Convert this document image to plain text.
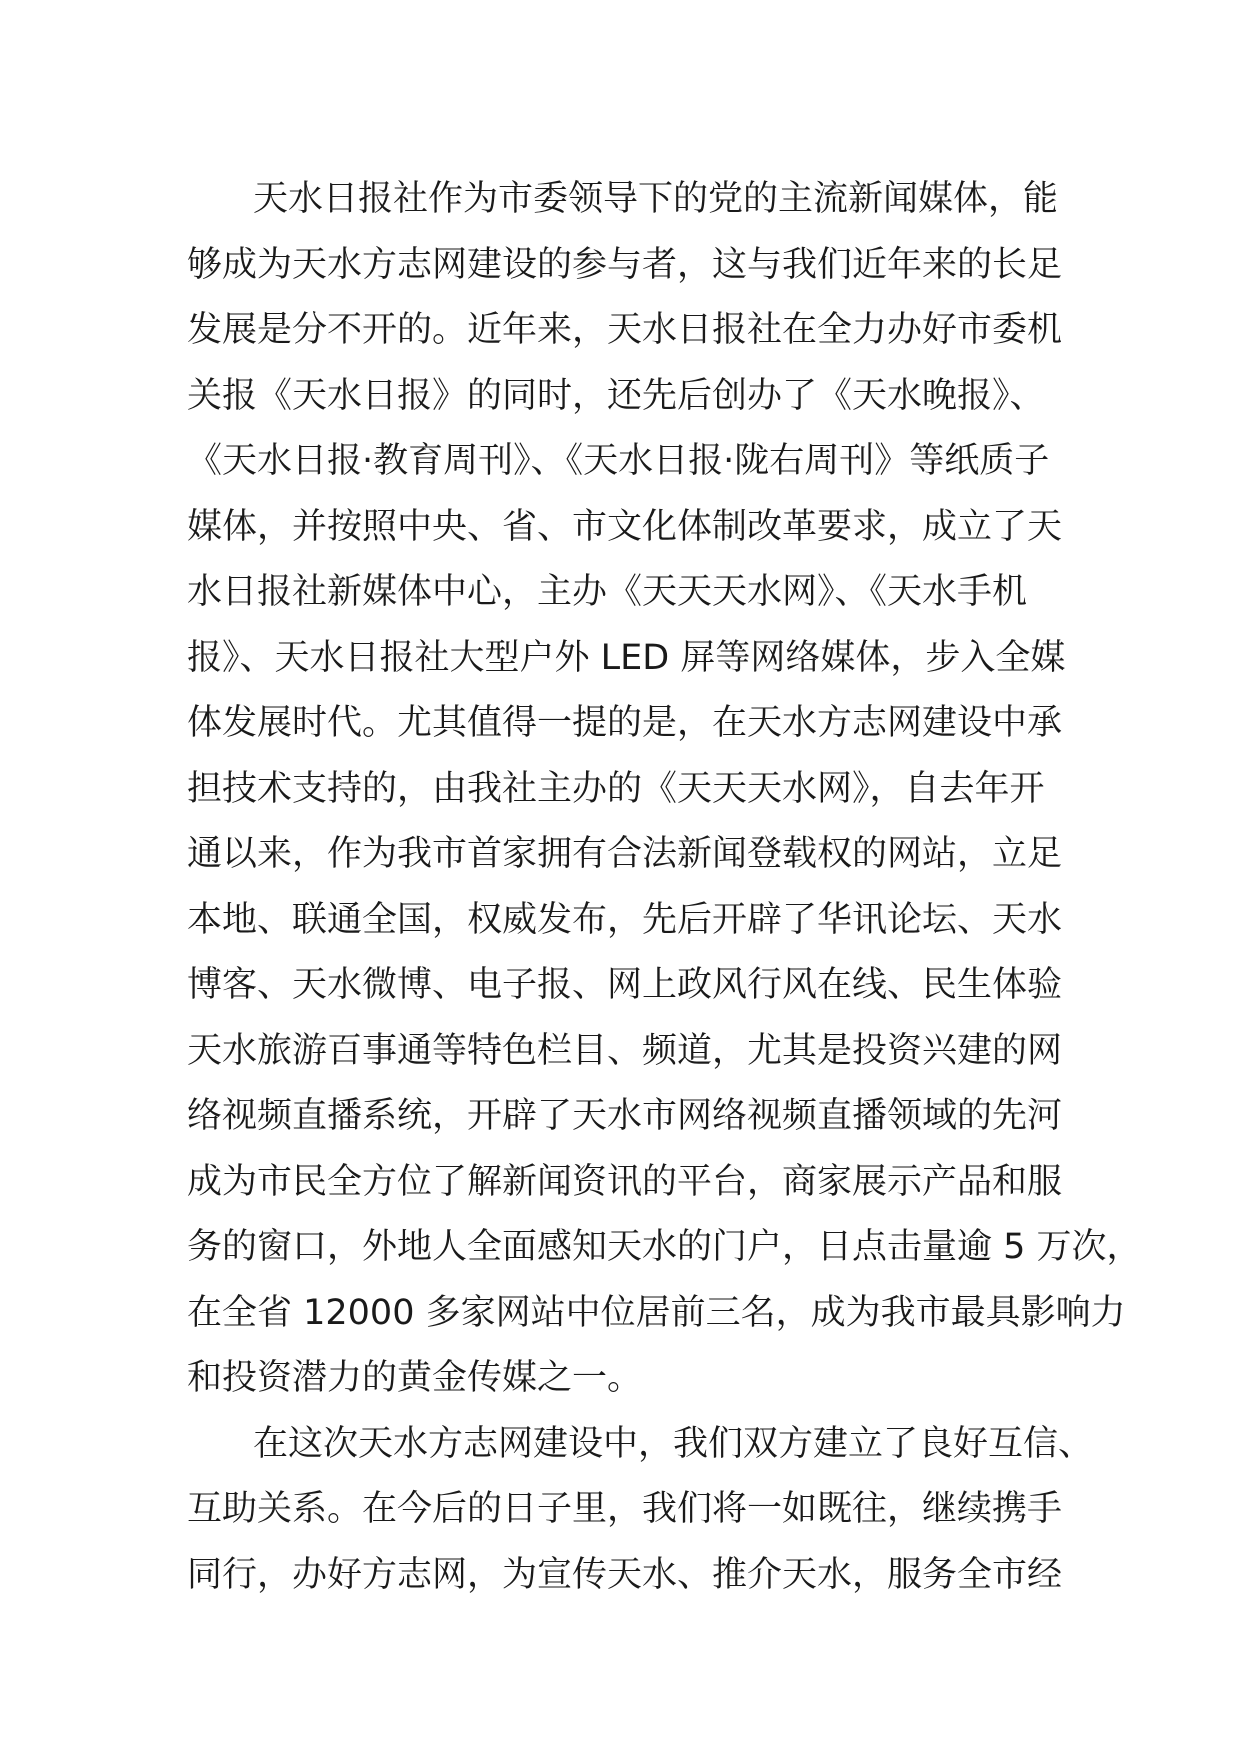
天水日报社作为市委领导下的党的主流新闻媒体，能
够成为天水方志网建设的参与者，这与我们近年来的长足
发展是分不开的。近年来，天水日报社在全力办好市委机
关报《天水日报》的同时，还先后创办了《天水晚报》、
《天水日报·教育周刊》、《天水日报·陇右周刊》等纸质子
媒体，并按照中央、省、市文化体制改革要求，成立了天
水日报社新媒体中心，主办《天天天水网》、《天水手机
报》、天水日报社大型户外 LED 屏等网络媒体，步入全媒
体发展时代。尤其值得一提的是，在天水方志网建设中承
担技术支持的，由我社主办的《天天天水网》，自去年开
通以来，作为我市首家拥有合法新闻登载权的网站，立足
本地、联通全国，权威发布，先后开辟了华讯论坛、天水
博客、天水微博、电子报、网上政风行风在线、民生体验
天水旅游百事通等特色栏目、频道，尤其是投资兴建的网
络视频直播系统，开辟了天水市网络视频直播领域的先河
成为市民全方位了解新闻资讯的平台，商家展示产品和服
务的窗口，外地人全面感知天水的门户，日点击量逾 5 万次，
在全省 12000 多家网站中位居前三名，成为我市最具影响力
和投资潜力的黄金传媒之一。
在这次天水方志网建设中，我们双方建立了良好互信、
互助关系。在今后的日子里，我们将一如既往，继续携手
同行，办好方志网，为宣传天水、推介天水，服务全市经
